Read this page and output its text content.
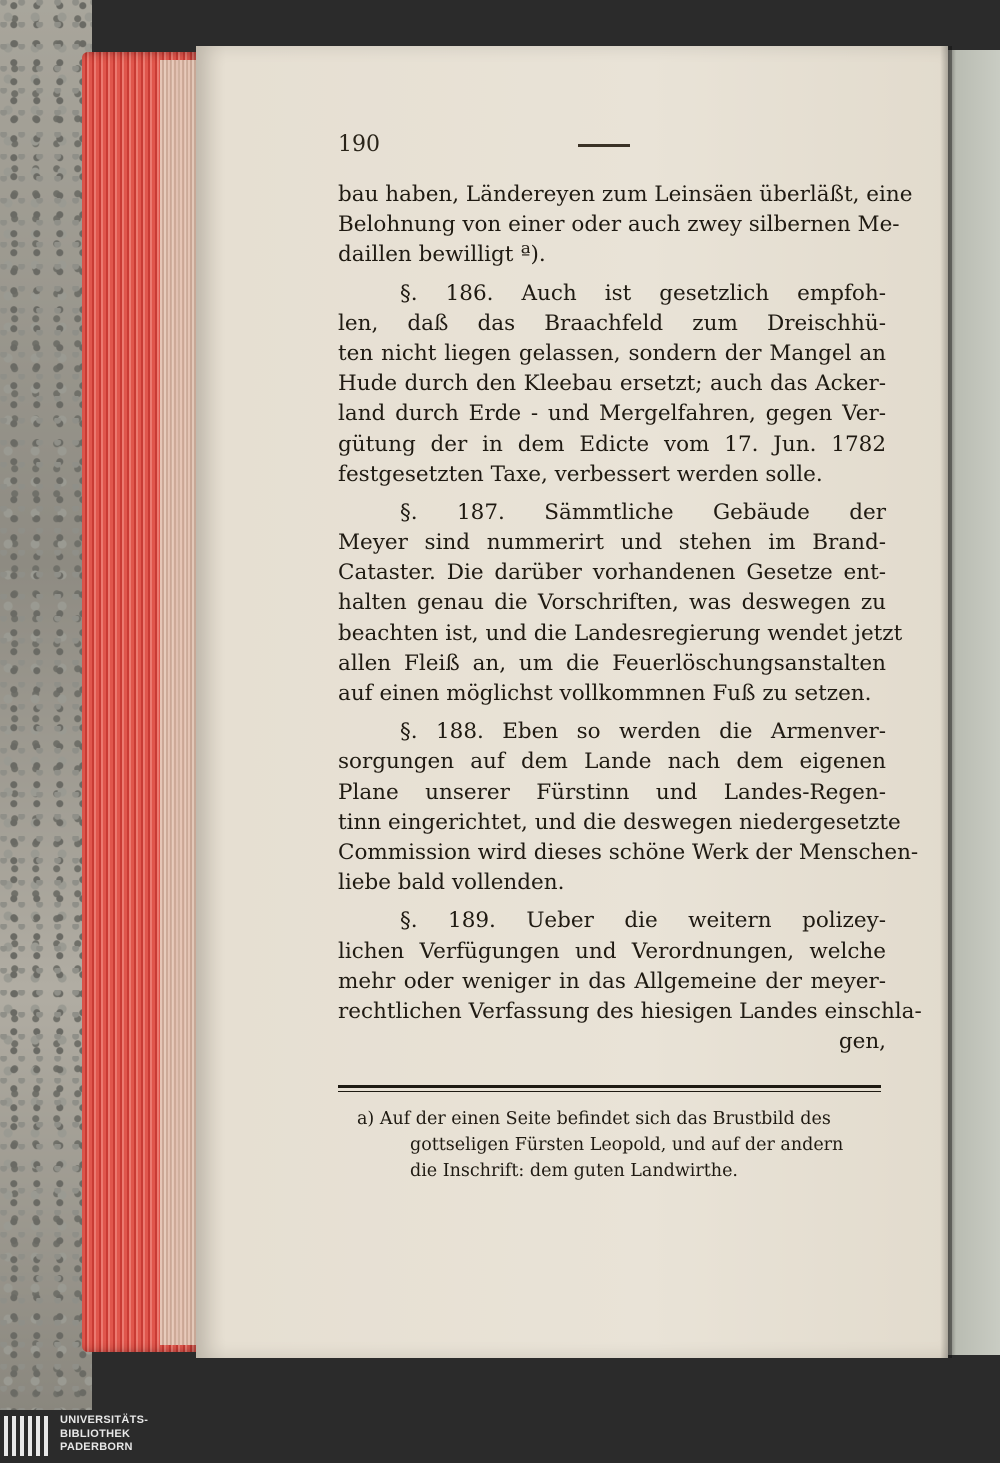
190
bau haben, Ländereyen zum Leinsäen überläßt, eine
Belohnung von einer oder auch zwey silbernen Me-
daillen bewilligt ª).
§. 186. Auch ist gesetzlich empfoh-
len, daß das Braachfeld zum Dreischhü-
ten nicht liegen gelassen, sondern der Mangel an
Hude durch den Kleebau ersetzt; auch das Acker-
land durch Erde - und Mergelfahren, gegen Ver-
gütung der in dem Edicte vom 17. Jun. 1782
festgesetzten Taxe, verbessert werden solle.
§. 187. Sämmtliche Gebäude der
Meyer sind nummerirt und stehen im Brand-
Cataster. Die darüber vorhandenen Gesetze ent-
halten genau die Vorschriften, was deswegen zu
beachten ist, und die Landesregierung wendet jetzt
allen Fleiß an, um die Feuerlöschungsanstalten
auf einen möglichst vollkommnen Fuß zu setzen.
§. 188. Eben so werden die Armenver-
sorgungen auf dem Lande nach dem eigenen
Plane unserer Fürstinn und Landes-Regen-
tinn eingerichtet, und die deswegen niedergesetzte
Commission wird dieses schöne Werk der Menschen-
liebe bald vollenden.
§. 189. Ueber die weitern polizey-
lichen Verfügungen und Verordnungen, welche
mehr oder weniger in das Allgemeine der meyer-
rechtlichen Verfassung des hiesigen Landes einschla-
gen,
a) Auf der einen Seite befindet sich das Brustbild des
gottseligen Fürsten Leopold, und auf der andern
die Inschrift: dem guten Landwirthe.
UNIVERSITÄTS-
BIBLIOTHEK
PADERBORN
